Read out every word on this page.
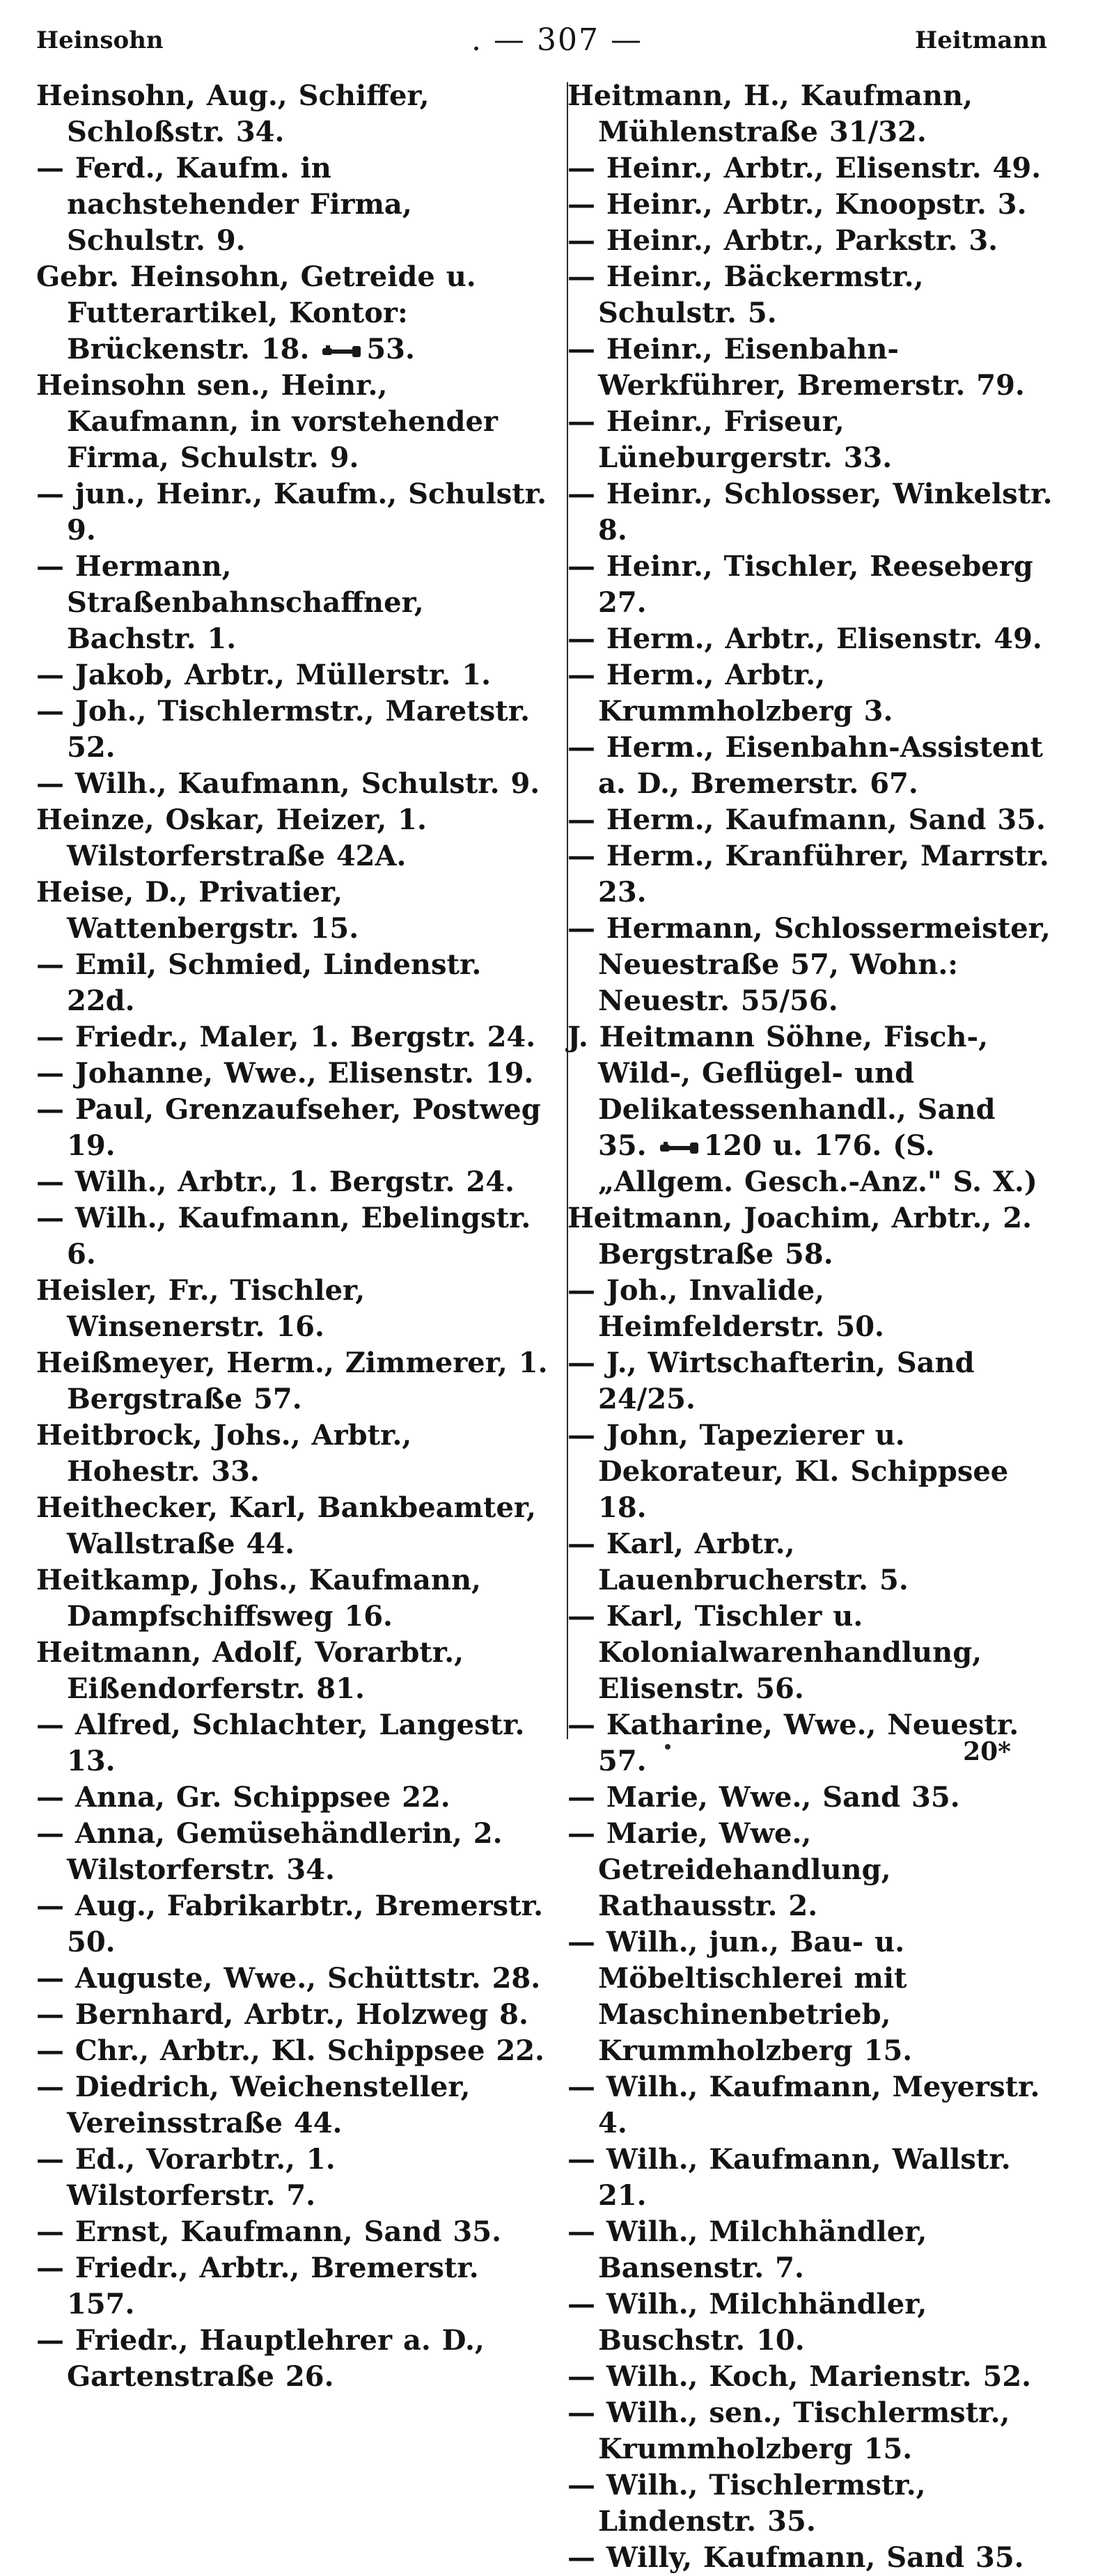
. — 307 —
Heinsohn	Heitmann

Heinsohn, Aug., Schiffer, Schloßstr. 34.

— Ferd., Kaufm. in nachstehender Firma, Schulstr. 9.

Gebr. Heinsohn, Getreide u. Futterartikel, Kontor: Brückenstr. 18. 53.

Heinsohn sen., Heinr., Kaufmann, in vorstehender Firma, Schulstr. 9.

— jun., Heinr., Kaufm., Schulstr. 9.

— Hermann, Straßenbahnschaffner, Bachstr. 1.

— Jakob, Arbtr., Müllerstr. 1.

— Joh., Tischlermstr., Maretstr. 52.

— Wilh., Kaufmann, Schulstr. 9.

Heinze, Oskar, Heizer, 1. Wilstorferstraße 42A.

Heise, D., Privatier, Wattenbergstr. 15.

— Emil, Schmied, Lindenstr. 22d.

— Friedr., Maler, 1. Bergstr. 24.

— Johanne, Wwe., Elisenstr. 19.

— Paul, Grenzaufseher, Postweg 19.

— Wilh., Arbtr., 1. Bergstr. 24.

— Wilh., Kaufmann, Ebelingstr. 6.

Heisler, Fr., Tischler, Winsenerstr. 16.

Heißmeyer, Herm., Zimmerer, 1. Bergstraße 57.

Heitbrock, Johs., Arbtr., Hohestr. 33.

Heithecker, Karl, Bankbeamter, Wallstraße 44.

Heitkamp, Johs., Kaufmann, Dampfschiffsweg 16.

Heitmann, Adolf, Vorarbtr., Eißendorferstr. 81.

— Alfred, Schlachter, Langestr. 13.

— Anna, Gr. Schippsee 22.

— Anna, Gemüsehändlerin, 2. Wilstorferstr. 34.

— Aug., Fabrikarbtr., Bremerstr. 50.

— Auguste, Wwe., Schüttstr. 28.

— Bernhard, Arbtr., Holzweg 8.

— Chr., Arbtr., Kl. Schippsee 22.

— Diedrich, Weichensteller, Vereinsstraße 44.

— Ed., Vorarbtr., 1. Wilstorferstr. 7.

— Ernst, Kaufmann, Sand 35.

— Friedr., Arbtr., Bremerstr. 157.

— Friedr., Hauptlehrer a. D., Gartenstraße 26.

Heitmann, H., Kaufmann, Mühlenstraße 31/32.

— Heinr., Arbtr., Elisenstr. 49.

— Heinr., Arbtr., Knoopstr. 3.

— Heinr., Arbtr., Parkstr. 3.

— Heinr., Bäckermstr., Schulstr. 5.

— Heinr., Eisenbahn-Werkführer, Bremerstr. 79.

— Heinr., Friseur, Lüneburgerstr. 33.

— Heinr., Schlosser, Winkelstr. 8.

— Heinr., Tischler, Reeseberg 27.

— Herm., Arbtr., Elisenstr. 49.

— Herm., Arbtr., Krummholzberg 3.

— Herm., Eisenbahn-Assistent a. D., Bremerstr. 67.

— Herm., Kaufmann, Sand 35.

— Herm., Kranführer, Marrstr. 23.

— Hermann, Schlossermeister, Neuestraße 57, Wohn.: Neuestr. 55/56.

J. Heitmann Söhne, Fisch-, Wild-, Geflügel- und Delikatessenhandl., Sand 35. 120 u. 176. (S. „Allgem. Gesch.-Anz." S. X.)

Heitmann, Joachim, Arbtr., 2. Bergstraße 58.

— Joh., Invalide, Heimfelderstr. 50.

— J., Wirtschafterin, Sand 24/25.

— John, Tapezierer u. Dekorateur, Kl. Schippsee 18.

— Karl, Arbtr., Lauenbrucherstr. 5.

— Karl, Tischler u. Kolonialwarenhandlung, Elisenstr. 56.

— Katharine, Wwe., Neuestr. 57.

— Marie, Wwe., Sand 35.

— Marie, Wwe., Getreidehandlung, Rathausstr. 2.

— Wilh., jun., Bau- u. Möbeltischlerei mit Maschinenbetrieb, Krummholzberg 15.

— Wilh., Kaufmann, Meyerstr. 4.

— Wilh., Kaufmann, Wallstr. 21.

— Wilh., Milchhändler, Bansenstr. 7.

— Wilh., Milchhändler, Buschstr. 10.

— Wilh., Koch, Marienstr. 52.

— Wilh., sen., Tischlermstr., Krummholzberg 15.

— Wilh., Tischlermstr., Lindenstr. 35.

— Willy, Kaufmann, Sand 35.

20*
